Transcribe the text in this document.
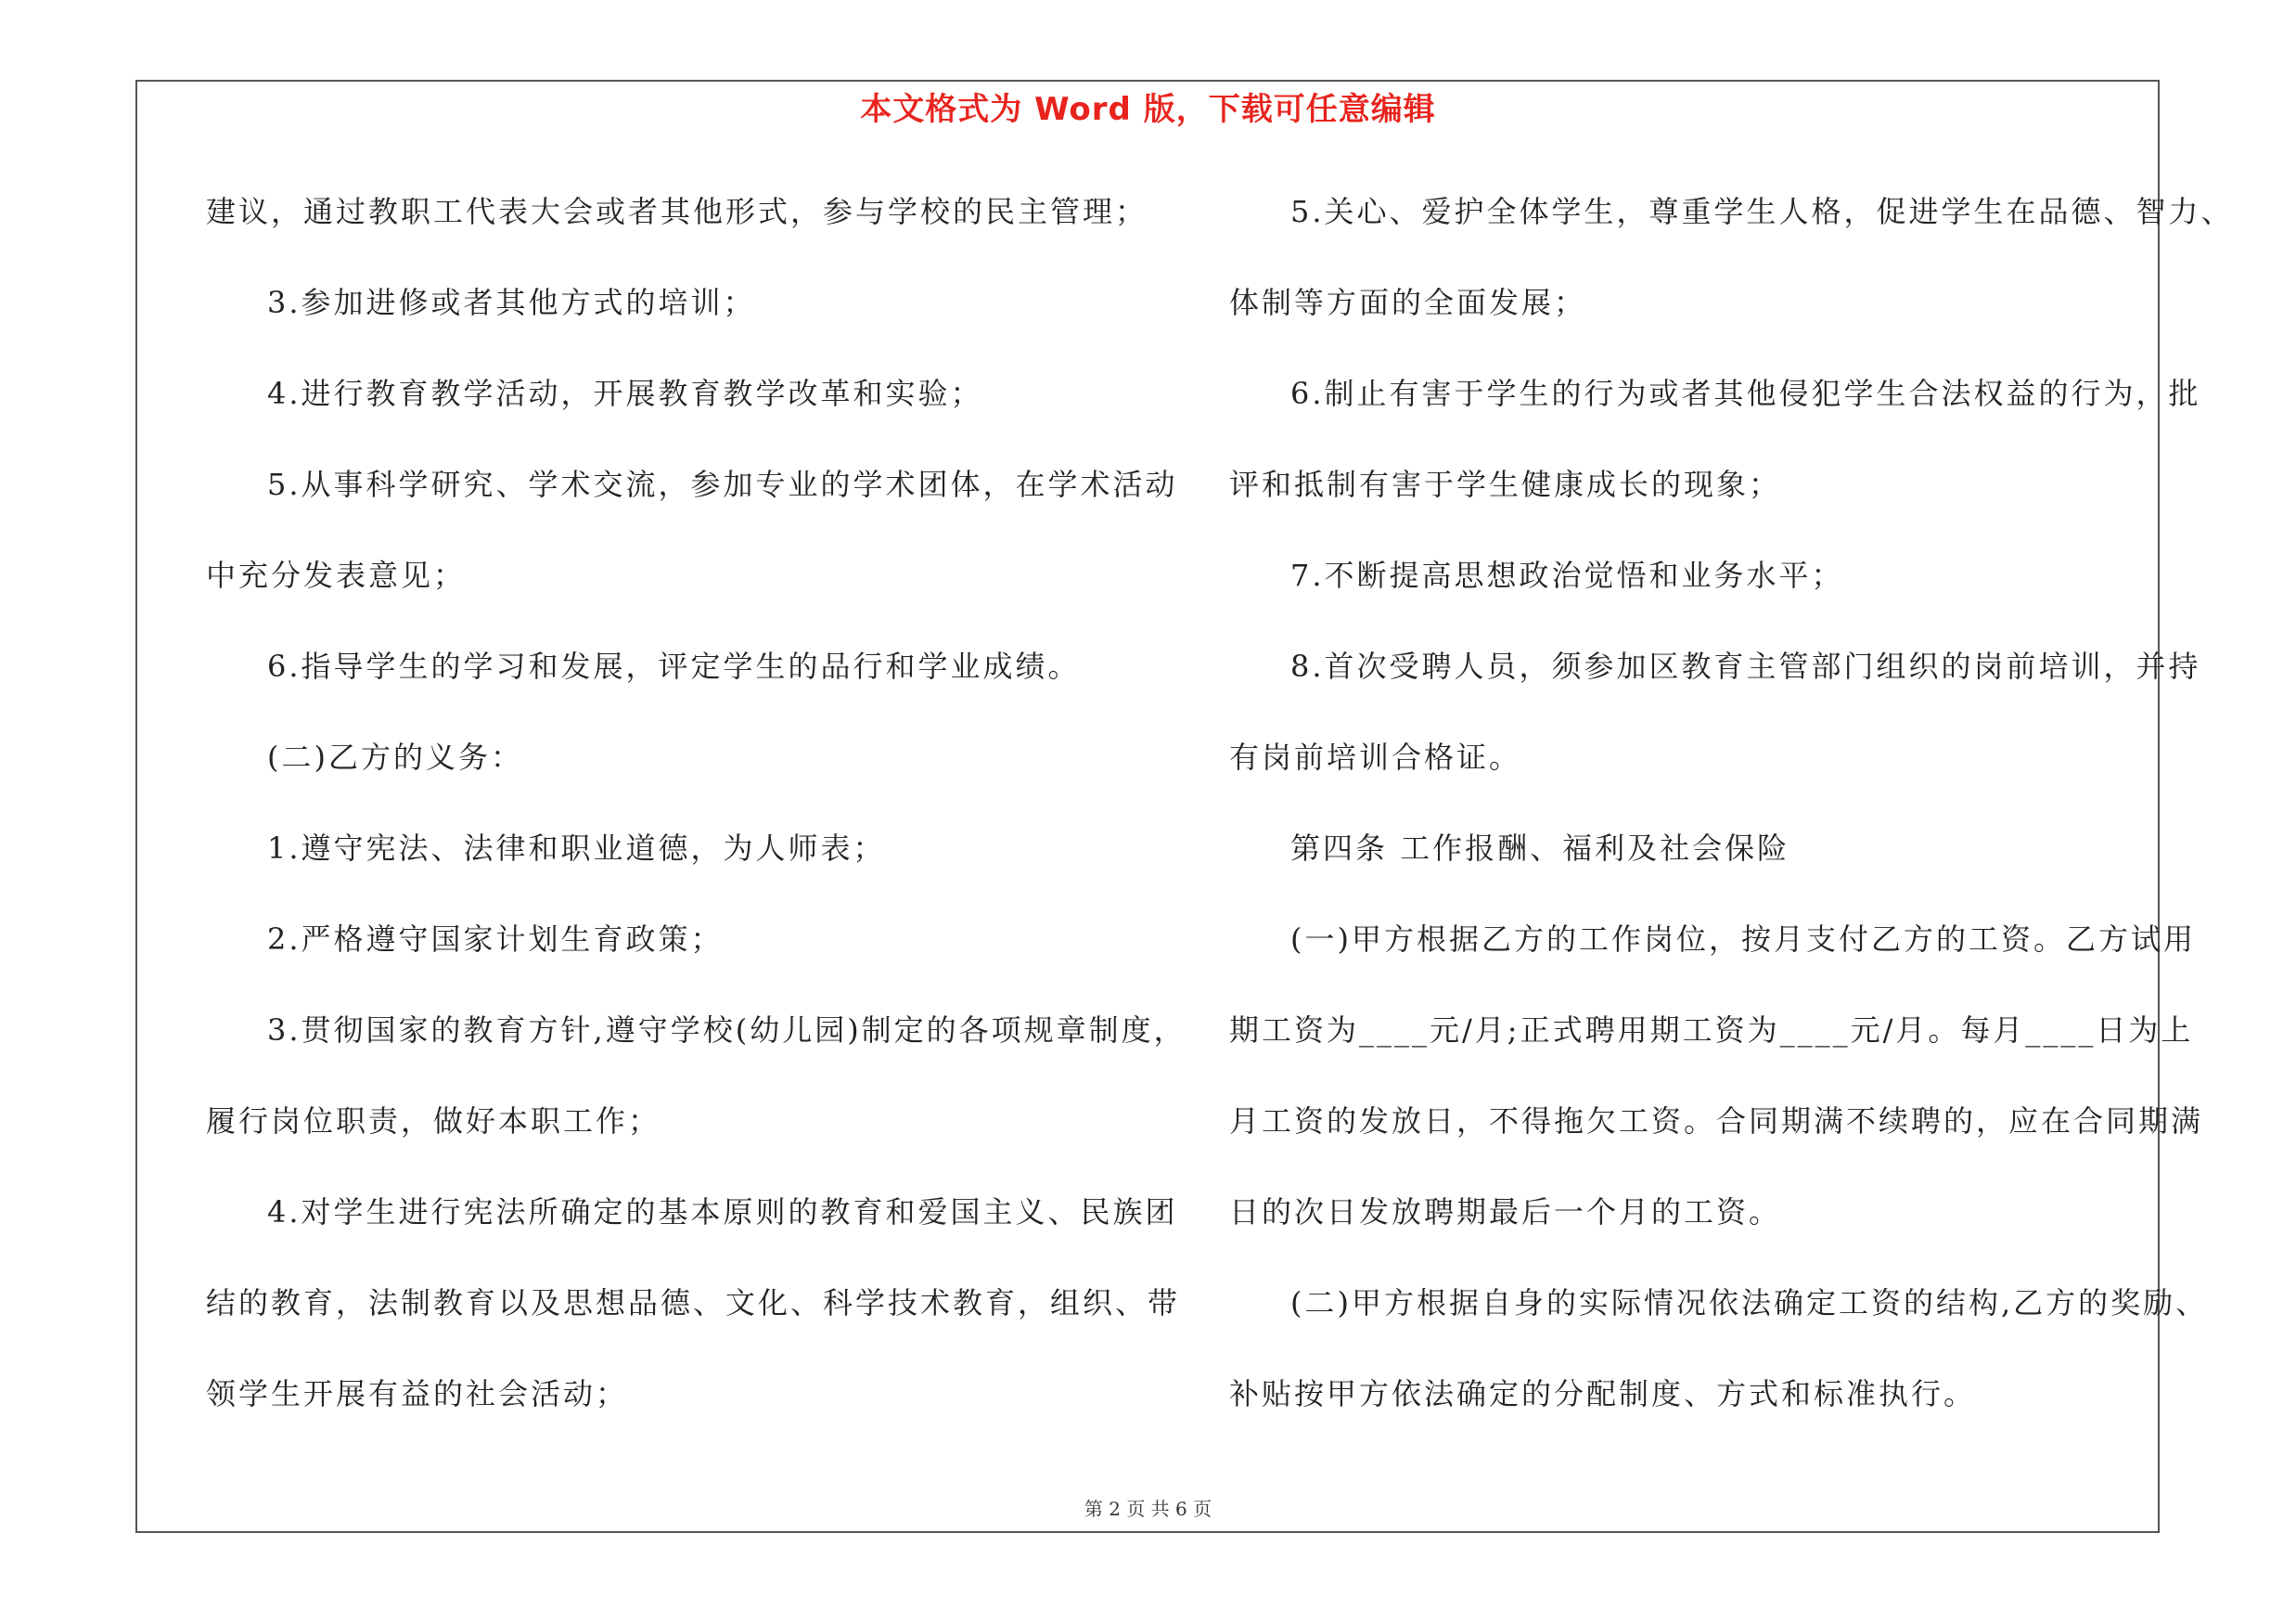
本文格式为 Word 版，下载可任意编辑
建议，通过教职工代表大会或者其他形式，参与学校的民主管理；
3.参加进修或者其他方式的培训；
4.进行教育教学活动，开展教育教学改革和实验；
5.从事科学研究、学术交流，参加专业的学术团体，在学术活动
中充分发表意见；
6.指导学生的学习和发展，评定学生的品行和学业成绩。
(二)乙方的义务：
1.遵守宪法、法律和职业道德，为人师表；
2.严格遵守国家计划生育政策；
3.贯彻国家的教育方针,遵守学校(幼儿园)制定的各项规章制度，
履行岗位职责，做好本职工作；
4.对学生进行宪法所确定的基本原则的教育和爱国主义、民族团
结的教育，法制教育以及思想品德、文化、科学技术教育，组织、带
领学生开展有益的社会活动；
5.关心、爱护全体学生，尊重学生人格，促进学生在品德、智力、
体制等方面的全面发展；
6.制止有害于学生的行为或者其他侵犯学生合法权益的行为，批
评和抵制有害于学生健康成长的现象；
7.不断提高思想政治觉悟和业务水平；
8.首次受聘人员，须参加区教育主管部门组织的岗前培训，并持
有岗前培训合格证。
第四条 工作报酬、福利及社会保险
(一)甲方根据乙方的工作岗位，按月支付乙方的工资。乙方试用
期工资为____元/月;正式聘用期工资为____元/月。每月____日为上
月工资的发放日，不得拖欠工资。合同期满不续聘的，应在合同期满
日的次日发放聘期最后一个月的工资。
(二)甲方根据自身的实际情况依法确定工资的结构,乙方的奖励、
补贴按甲方依法确定的分配制度、方式和标准执行。
第 2 页 共 6 页
